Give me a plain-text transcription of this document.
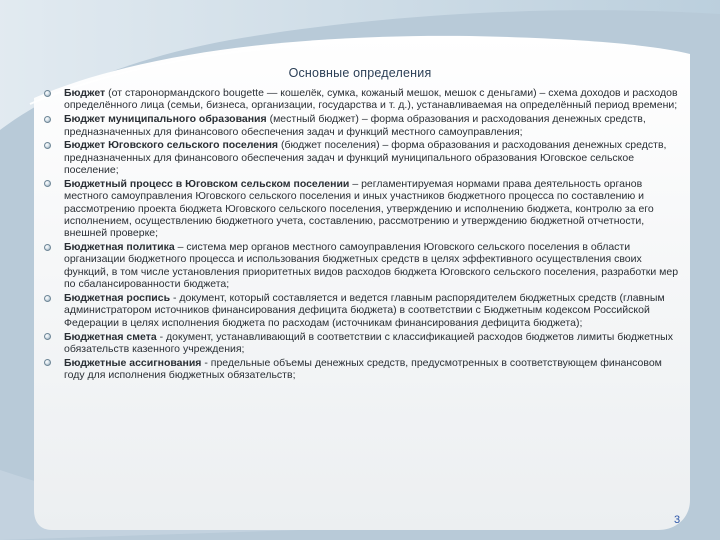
Основные определения
Бюджет (от старонормандского bougette — кошелёк, сумка, кожаный мешок, мешок с деньгами) – схема доходов и расходов определённого лица (семьи, бизнеса, организации, государства и т. д.), устанавливаемая на определённый период времени;
Бюджет муниципального образования (местный бюджет) – форма образования и расходования денежных средств, предназначенных для финансового обеспечения задач и функций местного самоуправления;
Бюджет Юговского сельского поселения (бюджет поселения) – форма образования и расходования денежных средств, предназначенных для финансового обеспечения задач и функций муниципального образования Юговское сельское поселение;
Бюджетный процесс в Юговском сельском поселении – регламентируемая нормами права деятельность органов местного самоуправления Юговского сельского поселения и иных участников бюджетного процесса по составлению и рассмотрению проекта бюджета Юговского сельского поселения, утверждению и исполнению бюджета, контролю за его исполнением, осуществлению бюджетного учета, составлению, рассмотрению и утверждению бюджетной отчетности, внешней проверке;
Бюджетная политика – система мер органов местного самоуправления Юговского сельского поселения в области организации бюджетного процесса и использования бюджетных средств в целях эффективного осуществления своих функций, в том числе установления приоритетных видов расходов бюджета Юговского сельского поселения, разработки мер по сбалансированности бюджета;
Бюджетная роспись - документ, который составляется и ведется главным распорядителем бюджетных средств (главным администратором источников финансирования дефицита бюджета) в соответствии с Бюджетным кодексом Российской Федерации в целях исполнения бюджета по расходам (источникам финансирования дефицита бюджета);
Бюджетная смета - документ, устанавливающий в соответствии с классификацией расходов бюджетов лимиты бюджетных обязательств казенного учреждения;
Бюджетные ассигнования - предельные объемы денежных средств, предусмотренных в соответствующем финансовом году для исполнения бюджетных обязательств;
3
